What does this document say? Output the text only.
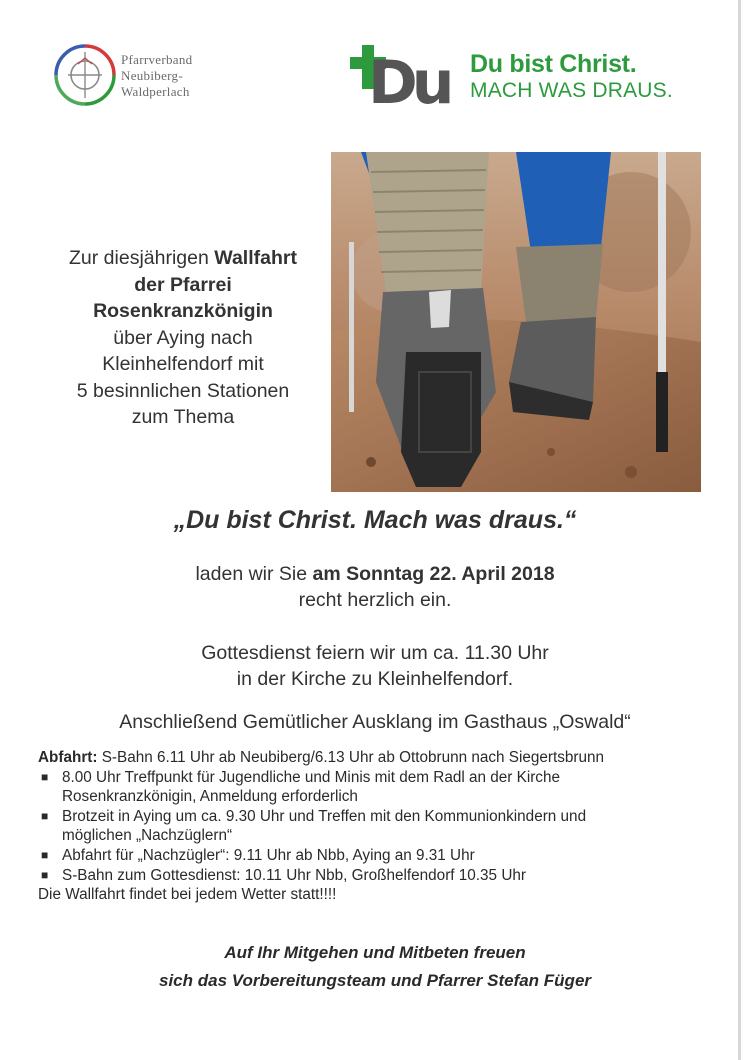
Pfarrverband
Neubiberg-
Waldperlach	Du Du bist Christ.
MACH WAS DRAUS.
Zur diesjährigen Wallfahrt
der Pfarrei
Rosenkranzkönigin
über Aying nach
Kleinhelfendorf mit
5 besinnlichen Stationen
zum Thema
„Du bist Christ. Mach was draus.“
laden wir Sie am Sonntag 22. April 2018
recht herzlich ein.
Gottesdienst feiern wir um ca. 11.30 Uhr
in der Kirche zu Kleinhelfendorf.
Anschließend Gemütlicher Ausklang im Gasthaus „Oswald“
Abfahrt: S-Bahn 6.11 Uhr ab Neubiberg/6.13 Uhr ab Ottobrunn nach Siegertsbrunn
■ 8.00 Uhr Treffpunkt für Jugendliche und Minis mit dem Radl an der Kirche
Rosenkranzkönigin, Anmeldung erforderlich
■ Brotzeit in Aying um ca. 9.30 Uhr und Treffen mit den Kommunionkindern und
möglichen „Nachzüglern“
■ Abfahrt für „Nachzügler“: 9.11 Uhr ab Nbb, Aying an 9.31 Uhr
■ S-Bahn zum Gottesdienst: 10.11 Uhr Nbb, Großhelfendorf 10.35 Uhr
Die Wallfahrt findet bei jedem Wetter statt!!!!
Auf Ihr Mitgehen und Mitbeten freuen
sich das Vorbereitungsteam und Pfarrer Stefan Füger
